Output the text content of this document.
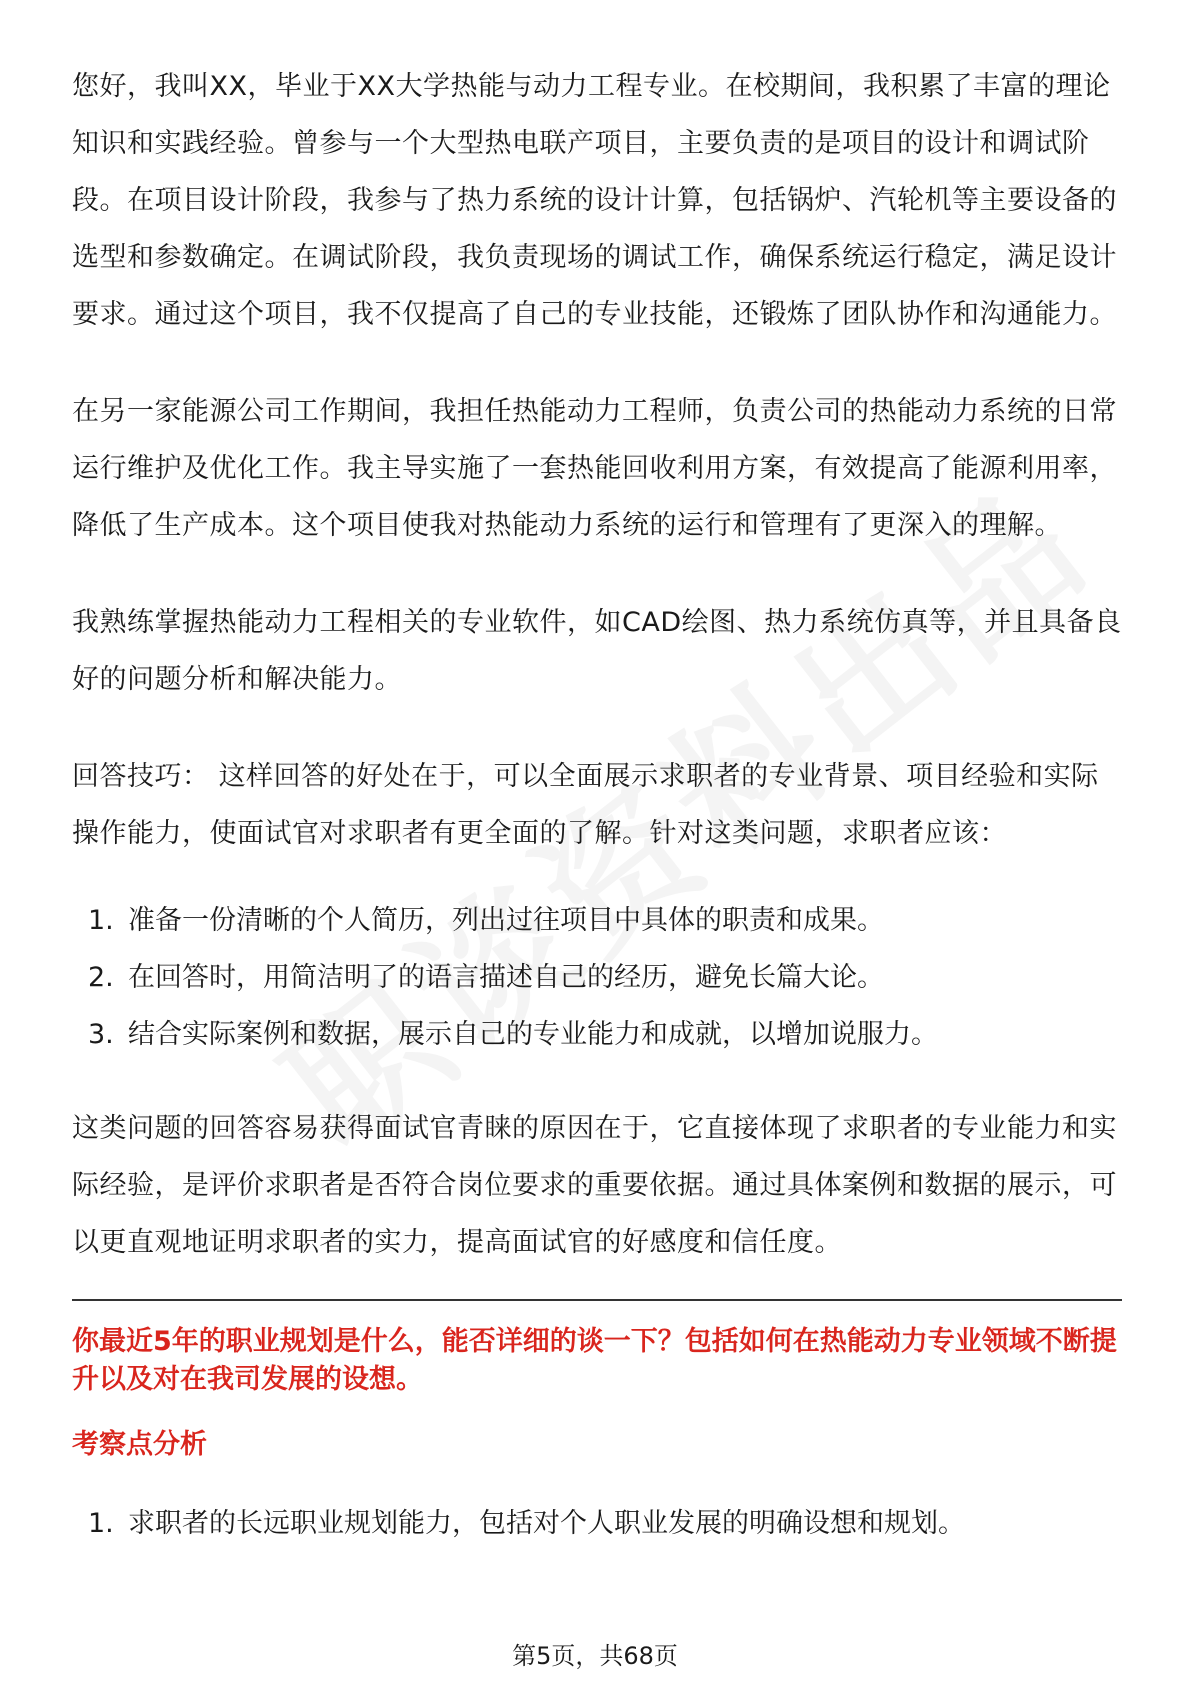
您好，我叫XX，毕业于XX大学热能与动力工程专业。在校期间，我积累了丰富的理论知识和实践经验。曾参与一个大型热电联产项目，主要负责的是项目的设计和调试阶段。在项目设计阶段，我参与了热力系统的设计计算，包括锅炉、汽轮机等主要设备的选型和参数确定。在调试阶段，我负责现场的调试工作，确保系统运行稳定，满足设计要求。通过这个项目，我不仅提高了自己的专业技能，还锻炼了团队协作和沟通能力。

在另一家能源公司工作期间，我担任热能动力工程师，负责公司的热能动力系统的日常运行维护及优化工作。我主导实施了一套热能回收利用方案，有效提高了能源利用率，降低了生产成本。这个项目使我对热能动力系统的运行和管理有了更深入的理解。

我熟练掌握热能动力工程相关的专业软件，如CAD绘图、热力系统仿真等，并且具备良好的问题分析和解决能力。

回答技巧： 这样回答的好处在于，可以全面展示求职者的专业背景、项目经验和实际操作能力，使面试官对求职者有更全面的了解。针对这类问题，求职者应该：

1. 准备一份清晰的个人简历，列出过往项目中具体的职责和成果。
2. 在回答时，用简洁明了的语言描述自己的经历，避免长篇大论。
3. 结合实际案例和数据，展示自己的专业能力和成就，以增加说服力。

这类问题的回答容易获得面试官青睐的原因在于，它直接体现了求职者的专业能力和实际经验，是评价求职者是否符合岗位要求的重要依据。通过具体案例和数据的展示，可以更直观地证明求职者的实力，提高面试官的好感度和信任度。

你最近5年的职业规划是什么，能否详细的谈一下？包括如何在热能动力专业领域不断提升以及对在我司发展的设想。
考察点分析
1. 求职者的长远职业规划能力，包括对个人职业发展的明确设想和规划。
第5页，共68页
